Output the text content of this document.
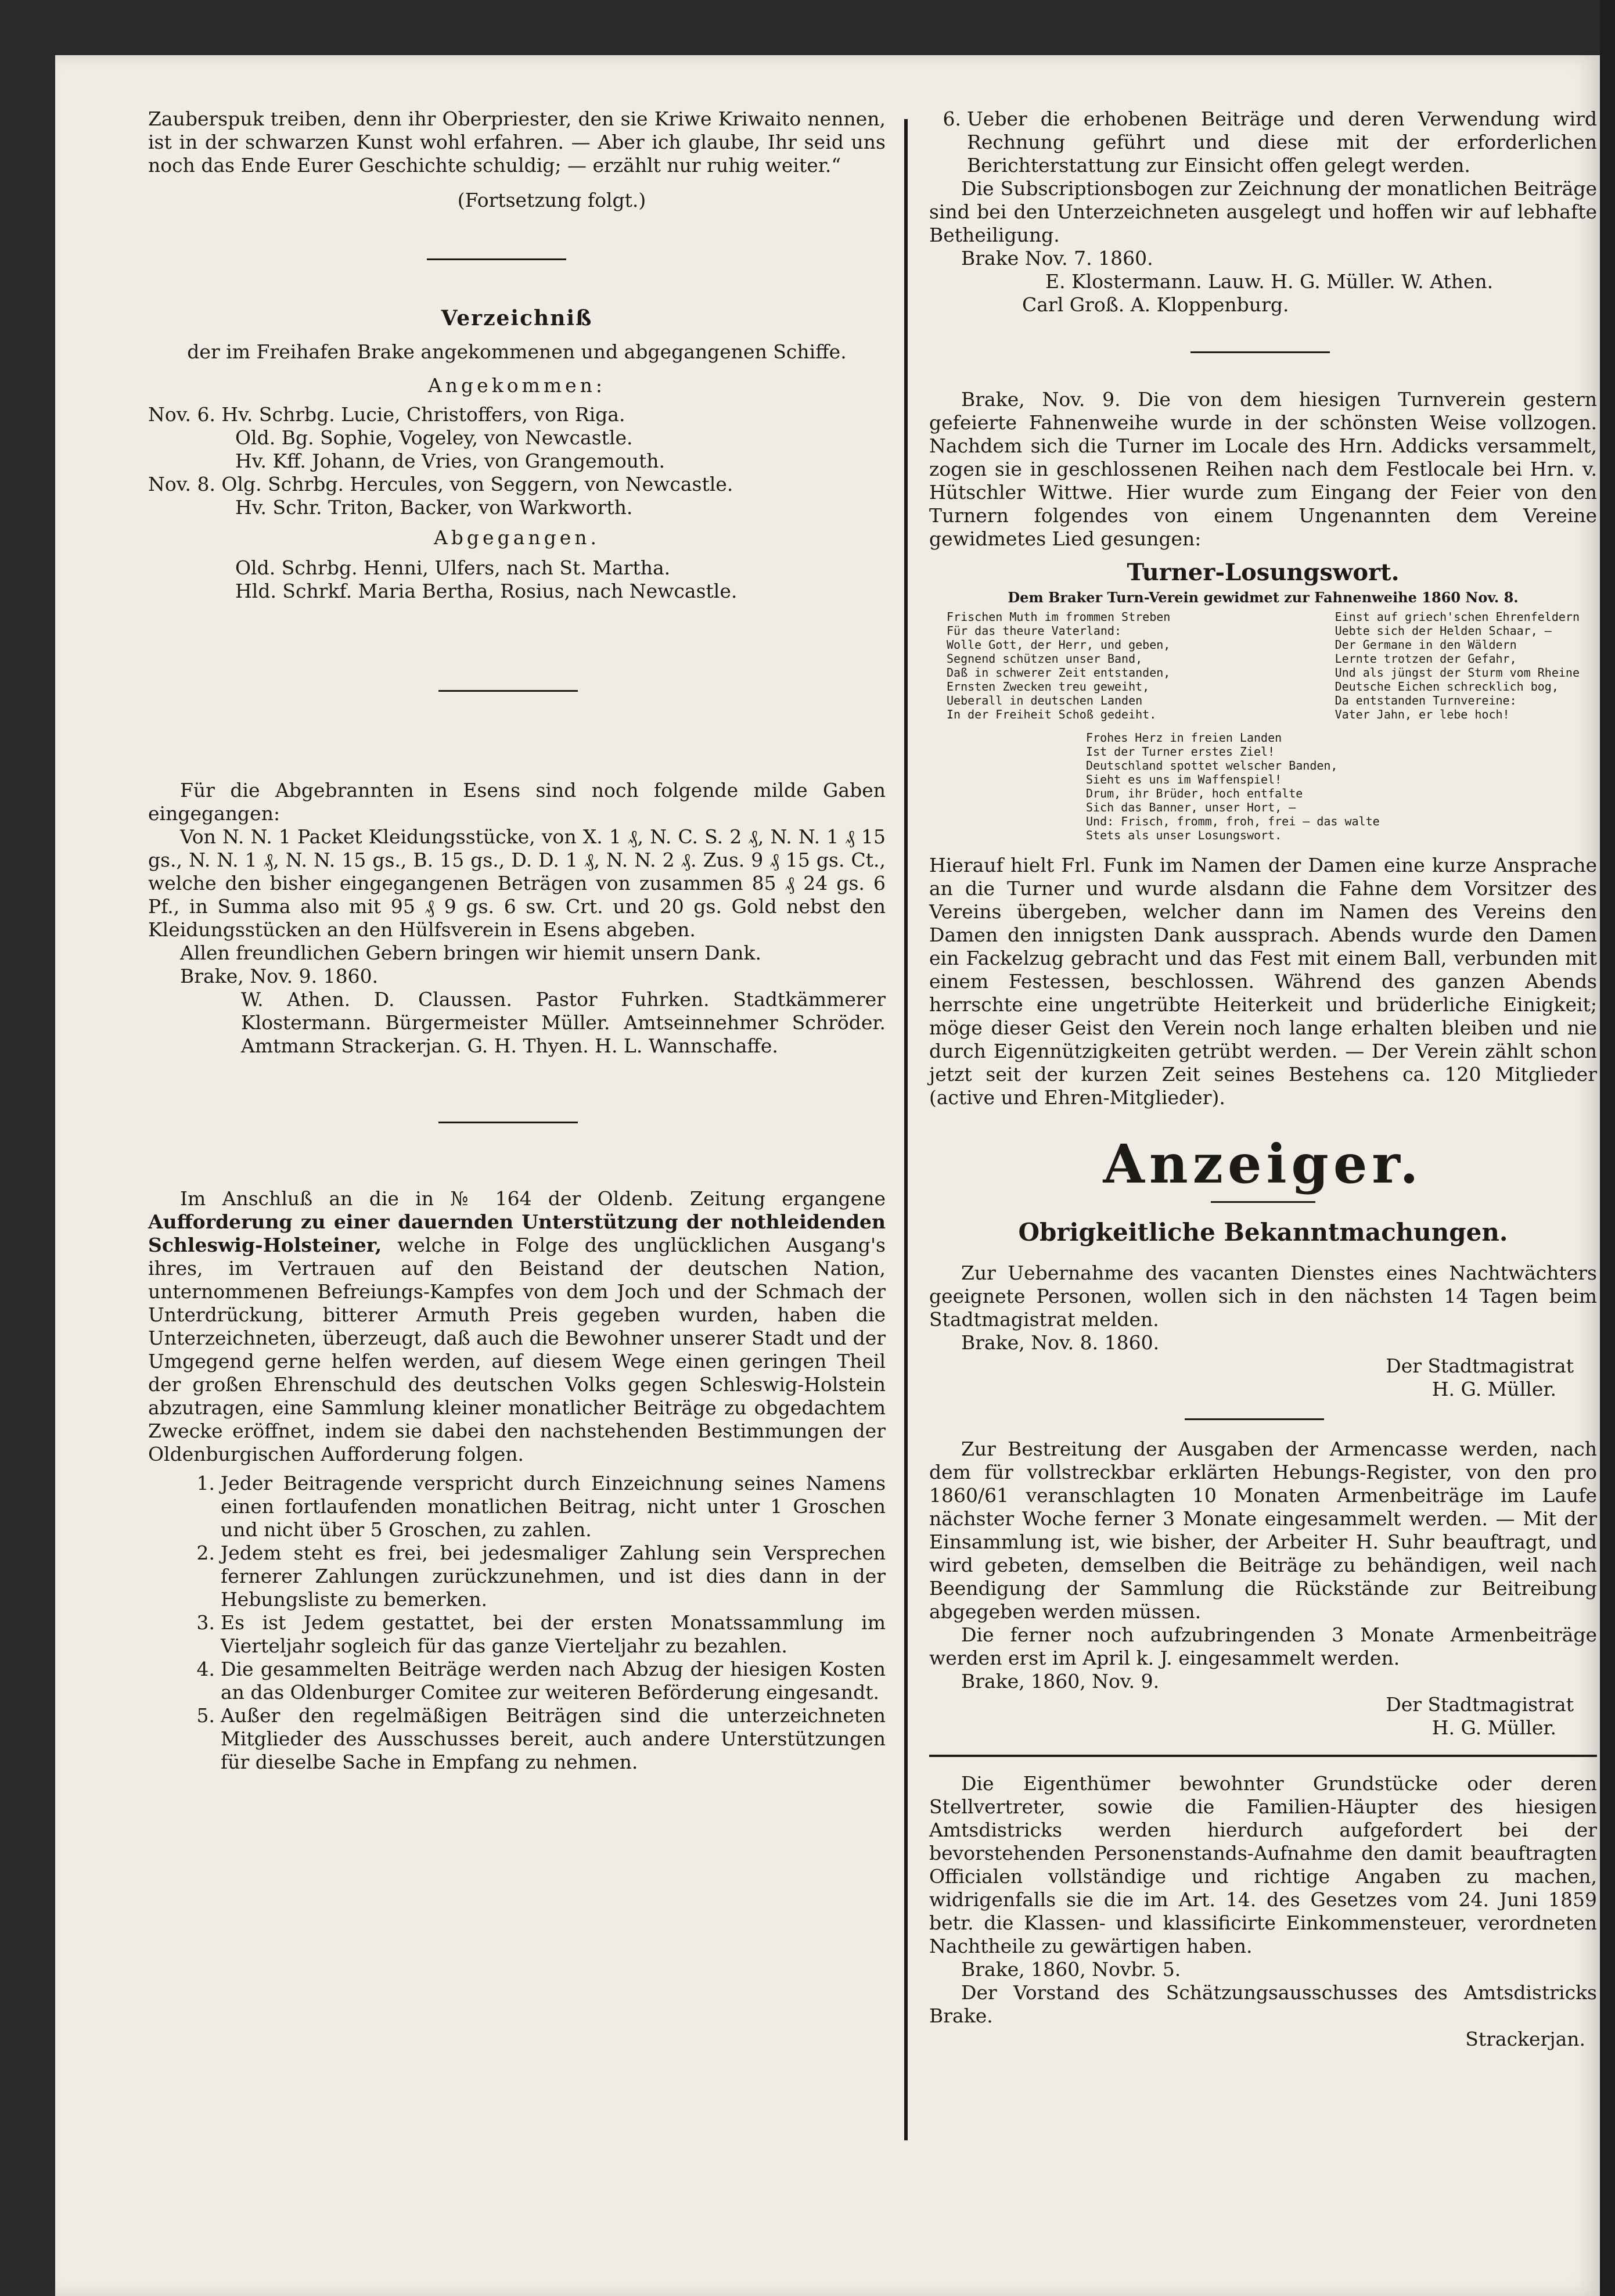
Zauberspuk treiben, denn ihr Oberpriester, den sie Kriwe Kriwaito nennen, ist in der schwarzen Kunst wohl erfahren. — Aber ich glaube, Ihr seid uns noch das Ende Eurer Geschichte schuldig; — erzählt nur ruhig weiter.“

(Fortsetzung folgt.)

Verzeichniß

der im Freihafen Brake angekommenen und abgegangenen Schiffe.

Angekommen:

Nov. 6. Hv. Schrbg. Lucie, Christoffers, von Riga.

Old. Bg. Sophie, Vogeley, von Newcastle.

Hv. Kff. Johann, de Vries, von Grangemouth.

Nov. 8. Olg. Schrbg. Hercules, von Seggern, von Newcastle.

Hv. Schr. Triton, Backer, von Warkworth.

Abgegangen.

Old. Schrbg. Henni, Ulfers, nach St. Martha.

Hld. Schrkf. Maria Bertha, Rosius, nach Newcastle.

Für die Abgebrannten in Esens sind noch folgende milde Gaben eingegangen:

Von N. N. 1 Packet Kleidungsstücke, von X. 1 ₰, N. C. S. 2 ₰, N. N. 1 ₰ 15 gs., N. N. 1 ₰, N. N. 15 gs., B. 15 gs., D. D. 1 ₰, N. N. 2 ₰. Zus. 9 ₰ 15 gs. Ct., welche den bisher eingegangenen Beträgen von zusammen 85 ₰ 24 gs. 6 Pf., in Summa also mit 95 ₰ 9 gs. 6 sw. Crt. und 20 gs. Gold nebst den Kleidungsstücken an den Hülfsverein in Esens abgeben.

Allen freundlichen Gebern bringen wir hiemit unsern Dank.

Brake, Nov. 9. 1860.

W. Athen. D. Claussen. Pastor Fuhrken. Stadtkämmerer Klostermann. Bürgermeister Müller. Amtseinnehmer Schröder. Amtmann Strackerjan. G. H. Thyen. H. L. Wannschaffe.

Im Anschluß an die in № 164 der Oldenb. Zeitung ergangene Aufforderung zu einer dauernden Unterstützung der nothleidenden Schleswig-Holsteiner, welche in Folge des unglücklichen Ausgang's ihres, im Vertrauen auf den Beistand der deutschen Nation, unternommenen Befreiungs-Kampfes von dem Joch und der Schmach der Unterdrückung, bitterer Armuth Preis gegeben wurden, haben die Unterzeichneten, überzeugt, daß auch die Bewohner unserer Stadt und der Umgegend gerne helfen werden, auf diesem Wege einen geringen Theil der großen Ehrenschuld des deutschen Volks gegen Schleswig-Holstein abzutragen, eine Sammlung kleiner monatlicher Beiträge zu obgedachtem Zwecke eröffnet, indem sie dabei den nachstehenden Bestimmungen der Oldenburgischen Aufforderung folgen.

1. Jeder Beitragende verspricht durch Einzeichnung seines Namens einen fortlaufenden monatlichen Beitrag, nicht unter 1 Groschen und nicht über 5 Groschen, zu zahlen.
2. Jedem steht es frei, bei jedesmaliger Zahlung sein Versprechen fernerer Zahlungen zurückzunehmen, und ist dies dann in der Hebungsliste zu bemerken.
3. Es ist Jedem gestattet, bei der ersten Monatssammlung im Vierteljahr sogleich für das ganze Vierteljahr zu bezahlen.
4. Die gesammelten Beiträge werden nach Abzug der hiesigen Kosten an das Oldenburger Comitee zur weiteren Beförderung eingesandt.
5. Außer den regelmäßigen Beiträgen sind die unterzeichneten Mitglieder des Ausschusses bereit, auch andere Unterstützungen für dieselbe Sache in Empfang zu nehmen.
6. Ueber die erhobenen Beiträge und deren Verwendung wird Rechnung geführt und diese mit der erforderlichen Berichterstattung zur Einsicht offen gelegt werden.

Die Subscriptionsbogen zur Zeichnung der monatlichen Beiträge sind bei den Unterzeichneten ausgelegt und hoffen wir auf lebhafte Betheiligung.

Brake Nov. 7. 1860.

E. Klostermann. Lauw. H. G. Müller. W. Athen.

Carl Groß. A. Kloppenburg.

Brake, Nov. 9. Die von dem hiesigen Turnverein gestern gefeierte Fahnenweihe wurde in der schönsten Weise vollzogen. Nachdem sich die Turner im Locale des Hrn. Addicks versammelt, zogen sie in geschlossenen Reihen nach dem Festlocale bei Hrn. v. Hütschler Wittwe. Hier wurde zum Eingang der Feier von den Turnern folgendes von einem Ungenannten dem Vereine gewidmetes Lied gesungen:

Turner-Losungswort.

Dem Braker Turn-Verein gewidmet zur Fahnenweihe 1860 Nov. 8.

Frischen Muth im frommen Streben
Für das theure Vaterland:
Wolle Gott, der Herr, und geben,
Segnend schützen unser Band,
Daß in schwerer Zeit entstanden,
Ernsten Zwecken treu geweiht,
Ueberall in deutschen Landen
In der Freiheit Schoß gedeiht.
Einst auf griech'schen Ehrenfeldern
Uebte sich der Helden Schaar, —
Der Germane in den Wäldern
Lernte trotzen der Gefahr,
Und als jüngst der Sturm vom Rheine
Deutsche Eichen schrecklich bog,
Da entstanden Turnvereine:
Vater Jahn, er lebe hoch!
Frohes Herz in freien Landen
Ist der Turner erstes Ziel!
Deutschland spottet welscher Banden,
Sieht es uns im Waffenspiel!
Drum, ihr Brüder, hoch entfalte
Sich das Banner, unser Hort, —
Und: Frisch, fromm, froh, frei — das walte
Stets als unser Losungswort.

Hierauf hielt Frl. Funk im Namen der Damen eine kurze Ansprache an die Turner und wurde alsdann die Fahne dem Vorsitzer des Vereins übergeben, welcher dann im Namen des Vereins den Damen den innigsten Dank aussprach. Abends wurde den Damen ein Fackelzug gebracht und das Fest mit einem Ball, verbunden mit einem Festessen, beschlossen. Während des ganzen Abends herrschte eine ungetrübte Heiterkeit und brüderliche Einigkeit; möge dieser Geist den Verein noch lange erhalten bleiben und nie durch Eigennützigkeiten getrübt werden. — Der Verein zählt schon jetzt seit der kurzen Zeit seines Bestehens ca. 120 Mitglieder (active und Ehren-Mitglieder).

Anzeiger.

Obrigkeitliche Bekanntmachungen.

Zur Uebernahme des vacanten Dienstes eines Nachtwächters geeignete Personen, wollen sich in den nächsten 14 Tagen beim Stadtmagistrat melden.

Brake, Nov. 8. 1860.

Der Stadtmagistrat

H. G. Müller.

Zur Bestreitung der Ausgaben der Armencasse werden, nach dem für vollstreckbar erklärten Hebungs-Register, von den pro 1860/61 veranschlagten 10 Monaten Armenbeiträge im Laufe nächster Woche ferner 3 Monate eingesammelt werden. — Mit der Einsammlung ist, wie bisher, der Arbeiter H. Suhr beauftragt, und wird gebeten, demselben die Beiträge zu behändigen, weil nach Beendigung der Sammlung die Rückstände zur Beitreibung abgegeben werden müssen.

Die ferner noch aufzubringenden 3 Monate Armenbeiträge werden erst im April k. J. eingesammelt werden.

Brake, 1860, Nov. 9.

Der Stadtmagistrat

H. G. Müller.

Die Eigenthümer bewohnter Grundstücke oder deren Stellvertreter, sowie die Familien-Häupter des hiesigen Amtsdistricks werden hierdurch aufgefordert bei der bevorstehenden Personenstands-Aufnahme den damit beauftragten Officialen vollständige und richtige Angaben zu machen, widrigenfalls sie die im Art. 14. des Gesetzes vom 24. Juni 1859 betr. die Klassen- und klassificirte Einkommensteuer, verordneten Nachtheile zu gewärtigen haben.

Brake, 1860, Novbr. 5.

Der Vorstand des Schätzungsausschusses des Amtsdistricks Brake.

Strackerjan.
